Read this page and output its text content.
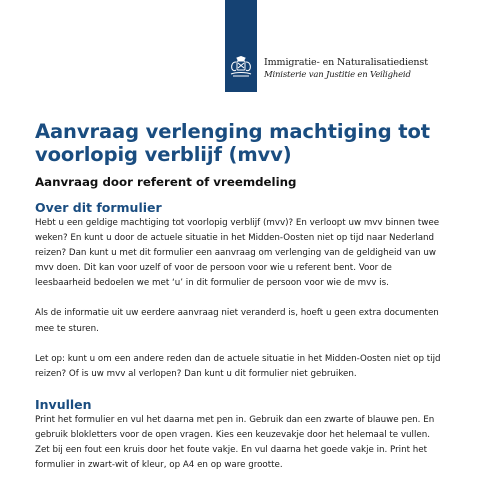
Immigratie- en Naturalisatiedienst
Ministerie van Justitie en Veiligheid
Aanvraag verlenging machtiging tot voorlopig verblijf (mvv)
Aanvraag door referent of vreemdeling
Over dit formulier

Hebt u een geldige machtiging tot voorlopig verblijf (mvv)? En verloopt uw mvv binnen twee weken? En kunt u door de actuele situatie in het Midden-Oosten niet op tijd naar Nederland reizen? Dan kunt u met dit formulier een aanvraag om verlenging van de geldigheid van uw mvv doen. Dit kan voor uzelf of voor de persoon voor wie u referent bent. Voor de leesbaarheid bedoelen we met ‘u’ in dit formulier de persoon voor wie de mvv is.

Als de informatie uit uw eerdere aanvraag niet veranderd is, hoeft u geen extra documenten mee te sturen.

Let op: kunt u om een andere reden dan de actuele situatie in het Midden-Oosten niet op tijd reizen? Of is uw mvv al verlopen? Dan kunt u dit formulier niet gebruiken.

Invullen

Print het formulier en vul het daarna met pen in. Gebruik dan een zwarte of blauwe pen. En gebruik blokletters voor de open vragen. Kies een keuzevakje door het helemaal te vullen. Zet bij een fout een kruis door het foute vakje. En vul daarna het goede vakje in. Print het formulier in zwart-wit of kleur, op A4 en op ware grootte.
